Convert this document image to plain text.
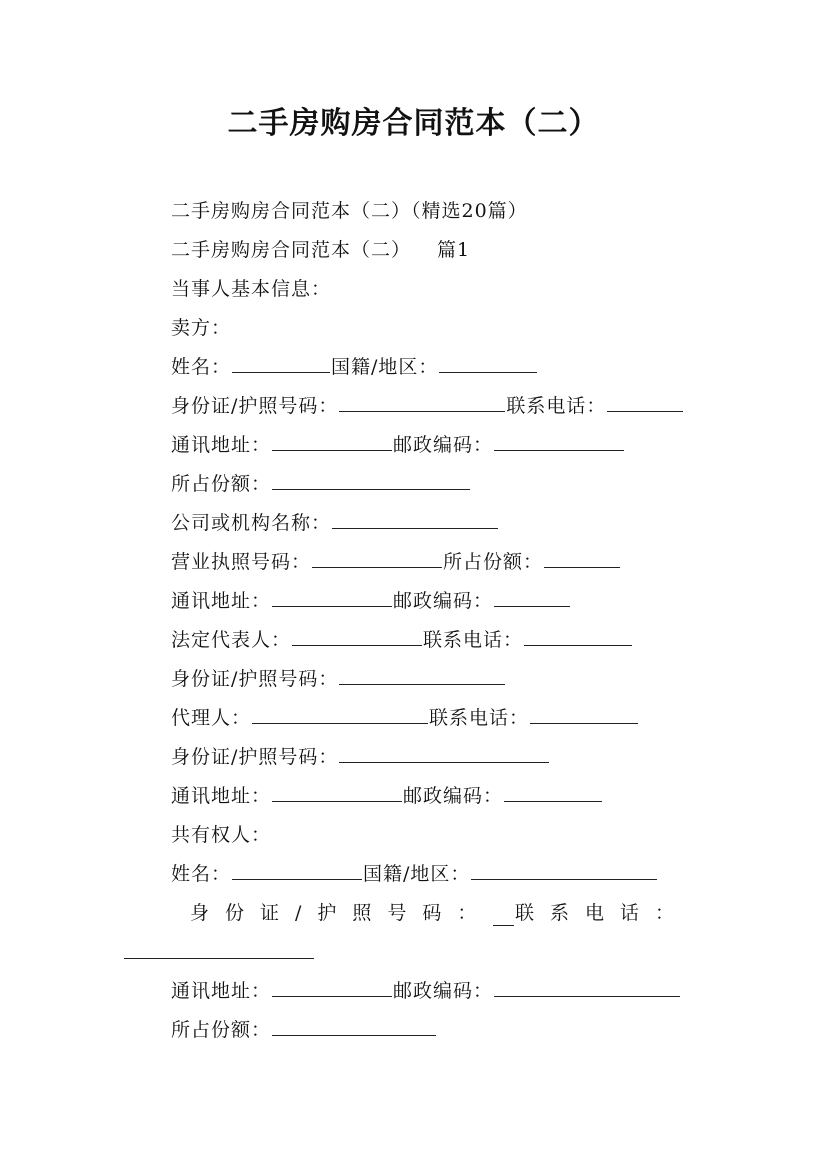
二手房购房合同范本（二）
二手房购房合同范本（二）（精选20篇）
二手房购房合同范本（二） 篇1
当事人基本信息：
卖方：
姓名：	国籍/地区：
身份证/护照号码：	联系电话：
通讯地址：	邮政编码：
所占份额：
公司或机构名称：
营业执照号码：	所占份额：
通讯地址：	邮政编码：
法定代表人：	联系电话：
身份证/护照号码：
代理人：	联系电话：
身份证/护照号码：
通讯地址：	邮政编码：
共有权人：
姓名：	国籍/地区：
身份证/护照号码： 联系电话：
通讯地址：	邮政编码：
所占份额：
